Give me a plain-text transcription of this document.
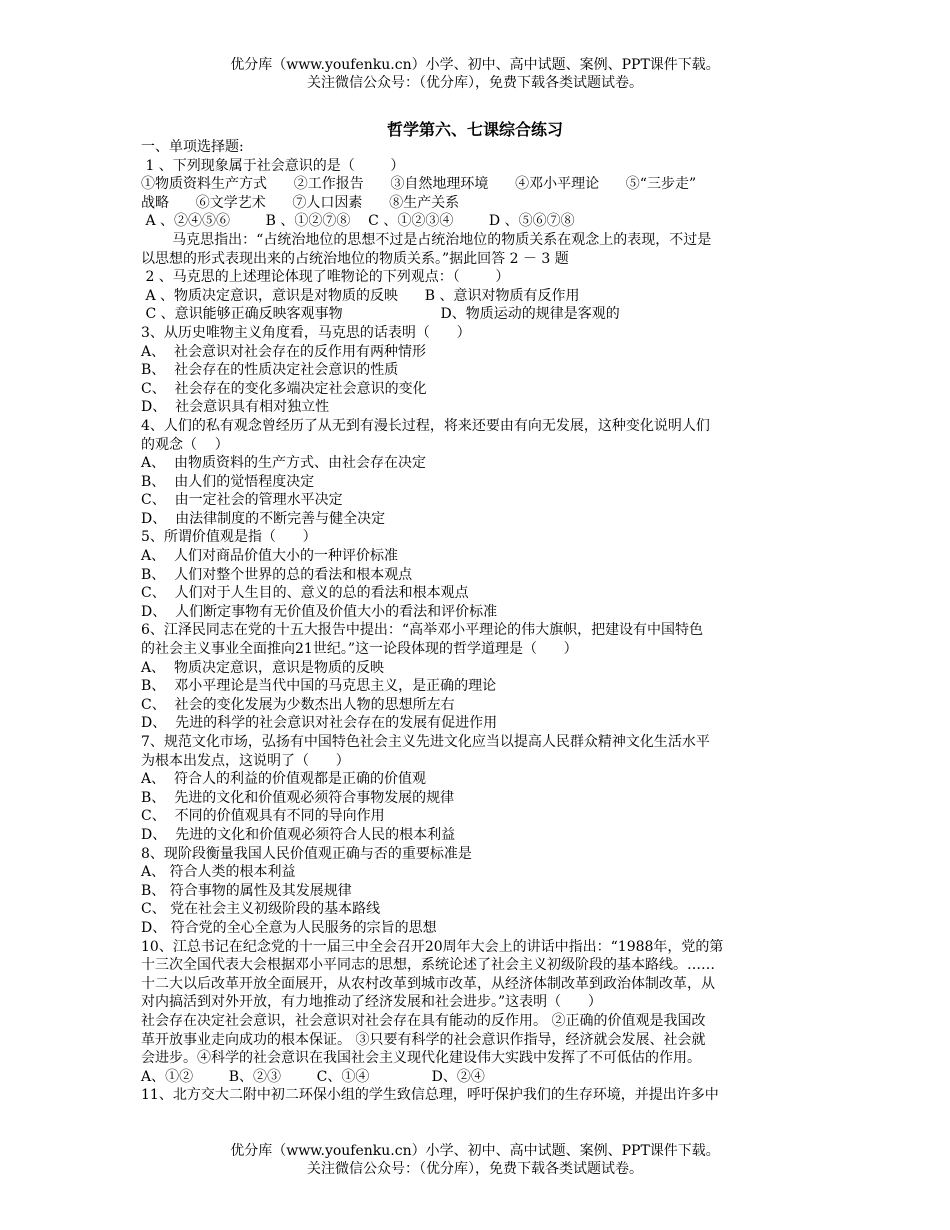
优分库（www.youfenku.cn）小学、初中、高中试题、案例、PPT课件下载。
关注微信公众号：（优分库），免费下载各类试题试卷。
哲学第六、七课综合练习

一、单项选择题:

1 、下列现象属于社会意识的是（        ）

①物质资料生产方式      ②工作报告      ③自然地理环境      ④邓小平理论      ⑤“三步走”

战略      ⑥文学艺术      ⑦人口因素      ⑧生产关系

A 、②④⑤⑥        B 、①②⑦⑧    C 、①②③④        D 、⑤⑥⑦⑧

马克思指出：“占统治地位的思想不过是占统治地位的物质关系在观念上的表现，不过是

以思想的形式表现出来的占统治地位的物质关系。”据此回答 2 － 3 题

2 、马克思的上述理论体现了唯物论的下列观点：（        ）

A 、物质决定意识，意识是对物质的反映      B 、意识对物质有反作用

C 、意识能够正确反映客观事物                      D、物质运动的规律是客观的

3、从历史唯物主义角度看，马克思的话表明（      ）

A、  社会意识对社会存在的反作用有两种情形

B、  社会存在的性质决定社会意识的性质

C、  社会存在的变化多端决定社会意识的变化

D、  社会意识具有相对独立性

4、人们的私有观念曾经历了从无到有漫长过程，将来还要由有向无发展，这种变化说明人们

的观念（    ）

A、  由物质资料的生产方式、由社会存在决定

B、  由人们的觉悟程度决定

C、  由一定社会的管理水平决定

D、  由法律制度的不断完善与健全决定

5、所谓价值观是指（      ）

A、  人们对商品价值大小的一种评价标准

B、  人们对整个世界的总的看法和根本观点

C、  人们对于人生目的、意义的总的看法和根本观点

D、  人们断定事物有无价值及价值大小的看法和评价标准

6、江泽民同志在党的十五大报告中提出：“高举邓小平理论的伟大旗帜，把建设有中国特色

的社会主义事业全面推向21世纪。”这一论段体现的哲学道理是（      ）

A、  物质决定意识，意识是物质的反映

B、  邓小平理论是当代中国的马克思主义，是正确的理论

C、  社会的变化发展为少数杰出人物的思想所左右

D、  先进的科学的社会意识对社会存在的发展有促进作用

7、规范文化市场，弘扬有中国特色社会主义先进文化应当以提高人民群众精神文化生活水平

为根本出发点，这说明了（      ）

A、  符合人的利益的价值观都是正确的价值观

B、  先进的文化和价值观必须符合事物发展的规律

C、  不同的价值观具有不同的导向作用

D、  先进的文化和价值观必须符合人民的根本利益

8、现阶段衡量我国人民价值观正确与否的重要标准是

A、 符合人类的根本利益

B、 符合事物的属性及其发展规律

C、 党在社会主义初级阶段的基本路线

D、 符合党的全心全意为人民服务的宗旨的思想

10、江总书记在纪念党的十一届三中全会召开20周年大会上的讲话中指出：“1988年，党的第

十三次全国代表大会根据邓小平同志的思想，系统论述了社会主义初级阶段的基本路线。……

十二大以后改革开放全面展开，从农村改革到城市改革，从经济体制改革到政治体制改革，从

对内搞活到对外开放，有力地推动了经济发展和社会进步。”这表明（      ）

社会存在决定社会意识，社会意识对社会存在具有能动的反作用。 ②正确的价值观是我国改

革开放事业走向成功的根本保证。 ③只要有科学的社会意识作指导，经济就会发展、社会就

会进步。④科学的社会意识在我国社会主义现代化建设伟大实践中发挥了不可低估的作用。

A、①②        B、②③        C、①④              D、②④

11、北方交大二附中初二环保小组的学生致信总理，呼吁保护我们的生存环境，并提出许多中

优分库（www.youfenku.cn）小学、初中、高中试题、案例、PPT课件下载。
关注微信公众号：（优分库），免费下载各类试题试卷。
